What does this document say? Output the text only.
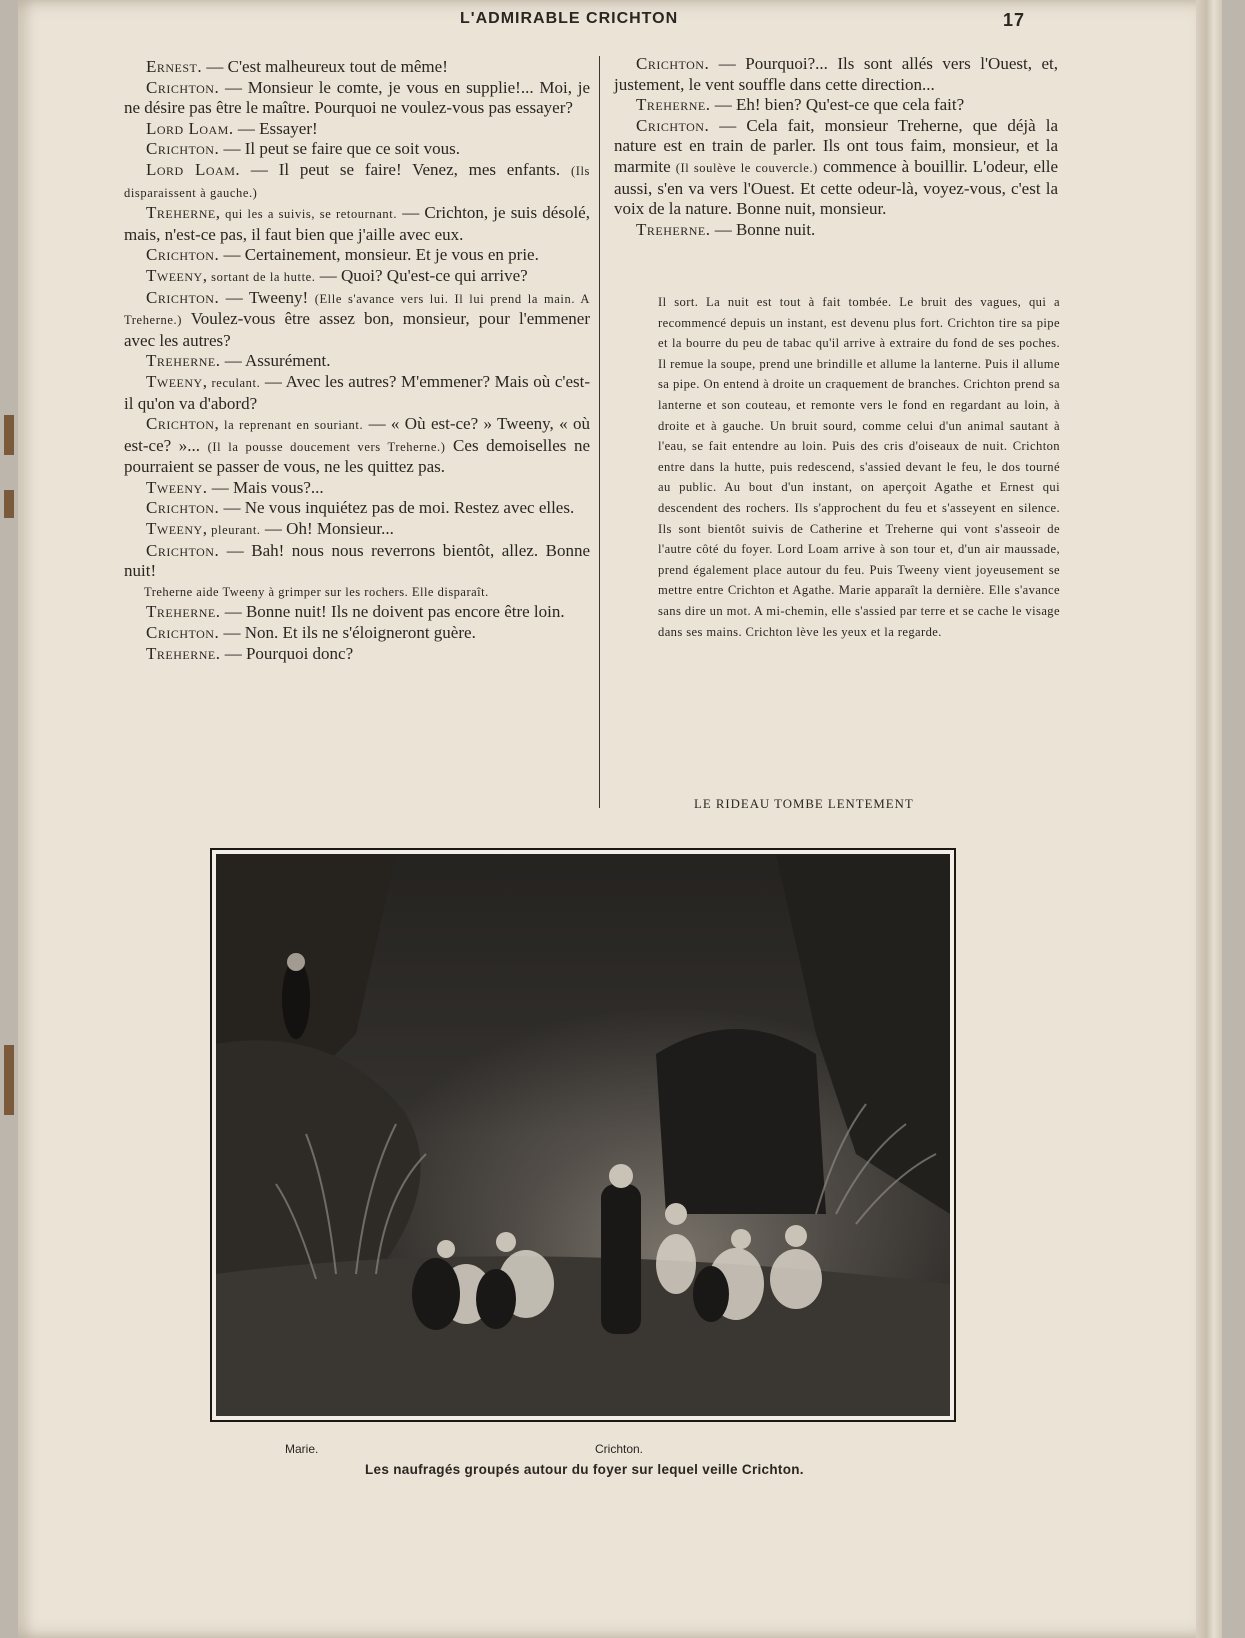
L'ADMIRABLE CRICHTON	17

Ernest. — C'est malheureux tout de même!

Crichton. — Monsieur le comte, je vous en supplie!... Moi, je ne désire pas être le maître. Pourquoi ne voulez-vous pas essayer?

Lord Loam. — Essayer!

Crichton. — Il peut se faire que ce soit vous.

Lord Loam. — Il peut se faire! Venez, mes enfants. (Ils disparaissent à gauche.)

Treherne, qui les a suivis, se retournant. — Crichton, je suis désolé, mais, n'est-ce pas, il faut bien que j'aille avec eux.

Crichton. — Certainement, monsieur. Et je vous en prie.

Tweeny, sortant de la hutte. — Quoi? Qu'est-ce qui arrive?

Crichton. — Tweeny! (Elle s'avance vers lui. Il lui prend la main. A Treherne.) Voulez-vous être assez bon, monsieur, pour l'emmener avec les autres?

Treherne. — Assurément.

Tweeny, reculant. — Avec les autres? M'emmener? Mais où c'est-il qu'on va d'abord?

Crichton, la reprenant en souriant. — « Où est-ce? » Tweeny, « où est-ce? »... (Il la pousse doucement vers Treherne.) Ces demoiselles ne pourraient se passer de vous, ne les quittez pas.

Tweeny. — Mais vous?...

Crichton. — Ne vous inquiétez pas de moi. Restez avec elles.

Tweeny, pleurant. — Oh! Monsieur...

Crichton. — Bah! nous nous reverrons bientôt, allez. Bonne nuit!

Treherne aide Tweeny à grimper sur les rochers. Elle disparaît.

Treherne. — Bonne nuit! Ils ne doivent pas encore être loin.

Crichton. — Non. Et ils ne s'éloigneront guère.

Treherne. — Pourquoi donc?

Crichton. — Pourquoi?... Ils sont allés vers l'Ouest, et, justement, le vent souffle dans cette direction...

Treherne. — Eh! bien? Qu'est-ce que cela fait?

Crichton. — Cela fait, monsieur Treherne, que déjà la nature est en train de parler. Ils ont tous faim, monsieur, et la marmite (Il soulève le couvercle.) commence à bouillir. L'odeur, elle aussi, s'en va vers l'Ouest. Et cette odeur-là, voyez-vous, c'est la voix de la nature. Bonne nuit, monsieur.

Treherne. — Bonne nuit.

Il sort. La nuit est tout à fait tombée. Le bruit des vagues, qui a recommencé depuis un instant, est devenu plus fort. Crichton tire sa pipe et la bourre du peu de tabac qu'il arrive à extraire du fond de ses poches. Il remue la soupe, prend une brindille et allume la lanterne. Puis il allume sa pipe. On entend à droite un craquement de branches. Crichton prend sa lanterne et son couteau, et remonte vers le fond en regardant au loin, à droite et à gauche. Un bruit sourd, comme celui d'un animal sautant à l'eau, se fait entendre au loin. Puis des cris d'oiseaux de nuit. Crichton entre dans la hutte, puis redescend, s'assied devant le feu, le dos tourné au public. Au bout d'un instant, on aperçoit Agathe et Ernest qui descendent des rochers. Ils s'approchent du feu et s'asseyent en silence. Ils sont bientôt suivis de Catherine et Treherne qui vont s'asseoir de l'autre côté du foyer. Lord Loam arrive à son tour et, d'un air maussade, prend également place autour du feu. Puis Tweeny vient joyeusement se mettre entre Crichton et Agathe. Marie apparaît la dernière. Elle s'avance sans dire un mot. A mi-chemin, elle s'assied par terre et se cache le visage dans ses mains. Crichton lève les yeux et la regarde.
LE RIDEAU TOMBE LENTEMENT
Marie.	Crichton.
Les naufragés groupés autour du foyer sur lequel veille Crichton.
